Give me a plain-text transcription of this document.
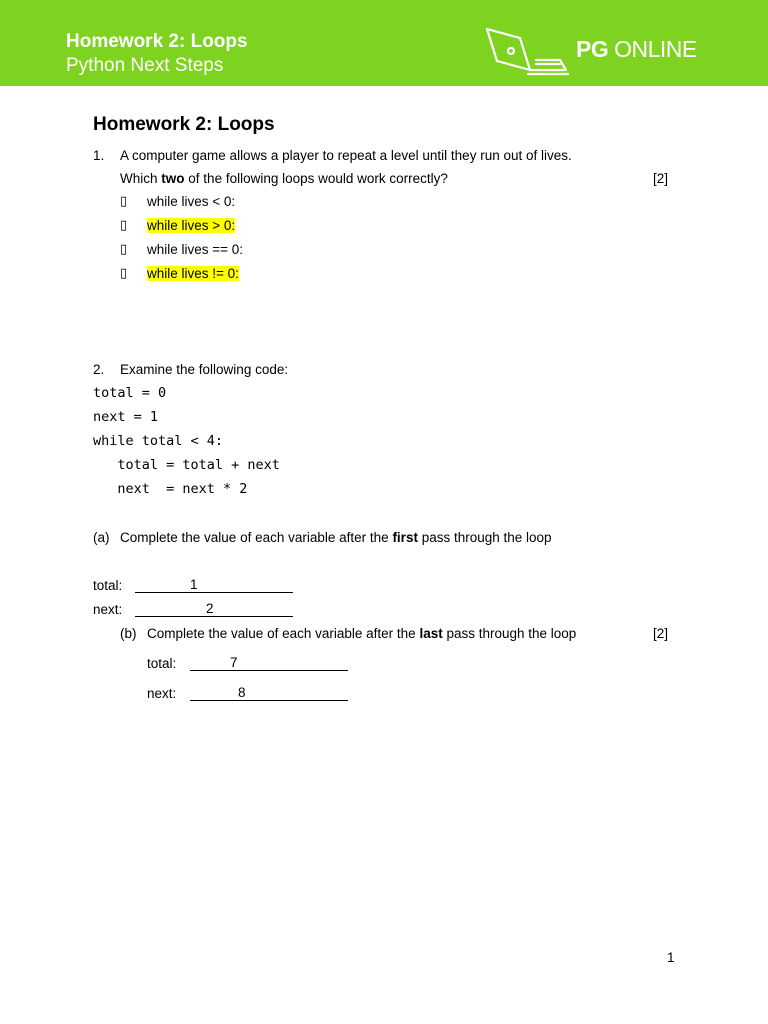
Homework 2: Loops
Python Next Steps
PG ONLINE
Homework 2: Loops
1. A computer game allows a player to repeat a level until they run out of lives.
Which two of the following loops would work correctly?	[2]
▯ while lives < 0:
▯ while lives > 0:
▯ while lives == 0:
▯ while lives != 0:
2. Examine the following code:
total = 0
next = 1
while total < 4:
total = total + next
next  = next * 2
(a) Complete the value of each variable after the first pass through the loop
total:	1
next:	2
(b) Complete the value of each variable after the last pass through the loop	[2]
total:	7
next:	8
1
